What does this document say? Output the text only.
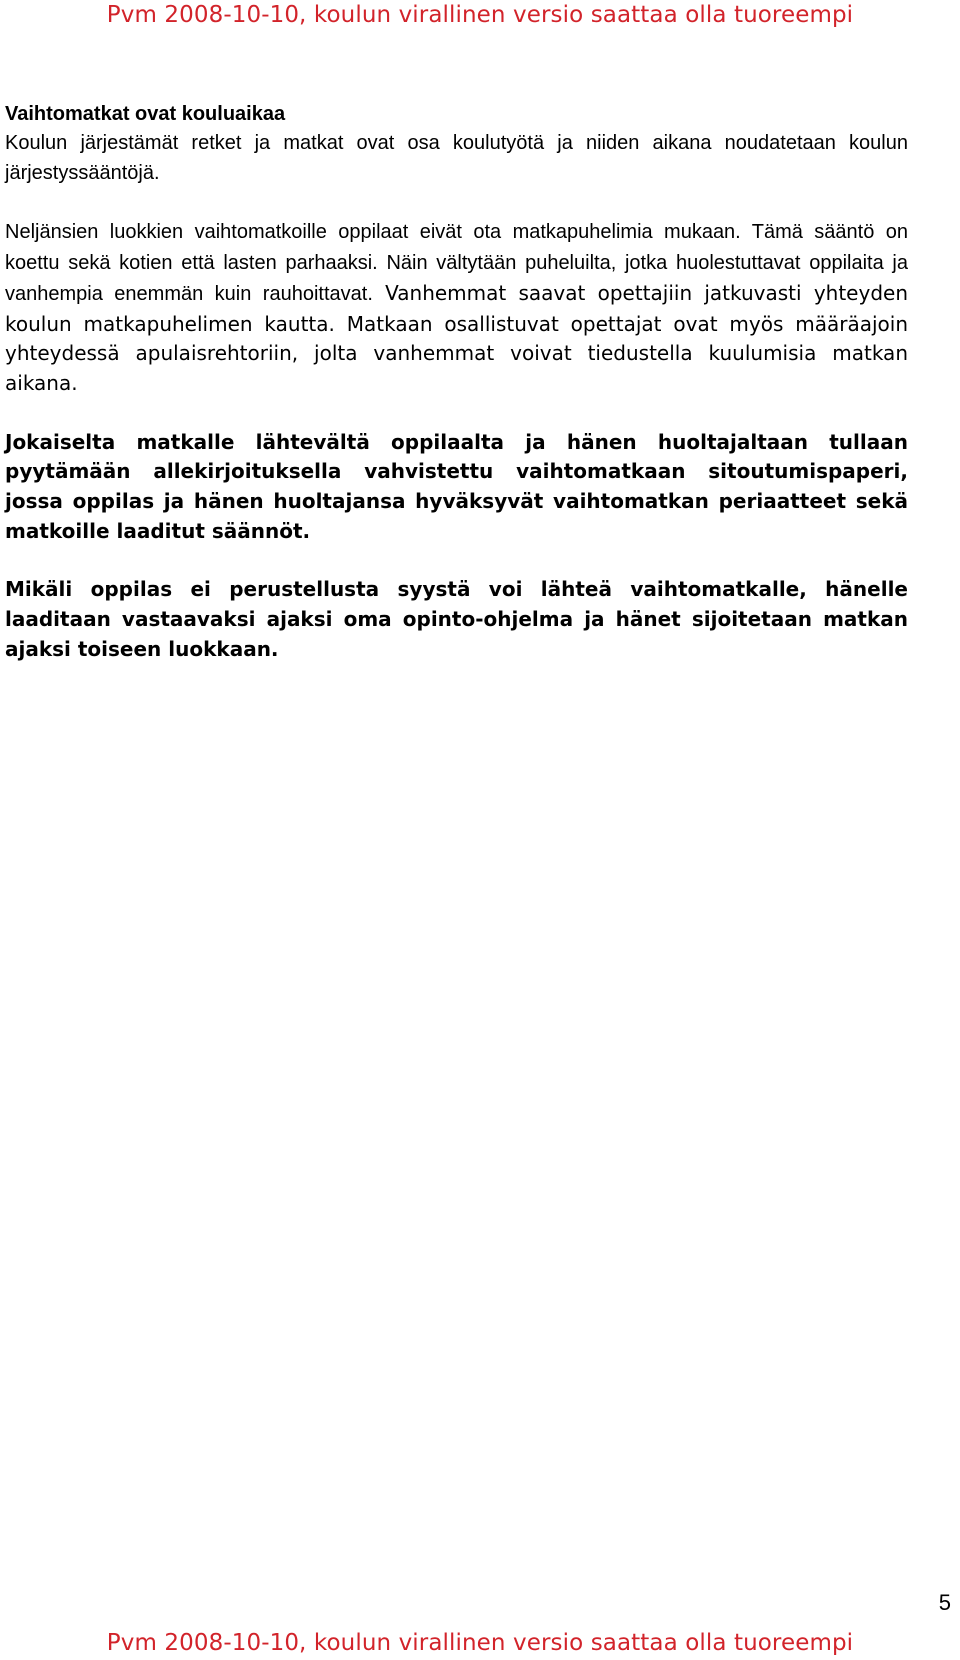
Pvm 2008-10-10, koulun virallinen versio saattaa olla tuoreempi

Vaihtomatkat ovat kouluaikaa

Koulun järjestämät retket ja matkat ovat osa koulutyötä ja niiden aikana noudatetaan koulun järjestyssääntöjä.

Neljänsien luokkien vaihtomatkoille oppilaat eivät ota matkapuhelimia mukaan. Tämä sääntö on koettu sekä kotien että lasten parhaaksi. Näin vältytään puheluilta, jotka huolestuttavat oppilaita ja vanhempia enemmän kuin rauhoittavat. Vanhemmat saavat opettajiin jatkuvasti yhteyden koulun matkapuhelimen kautta. Matkaan osallistuvat opettajat ovat myös määräajoin yhteydessä apulaisrehtoriin, jolta vanhemmat voivat tiedustella kuulumisia matkan aikana.

Jokaiselta matkalle lähtevältä oppilaalta ja hänen huoltajaltaan tullaan pyytämään allekirjoituksella vahvistettu vaihtomatkaan sitoutumispaperi, jossa oppilas ja hänen huoltajansa hyväksyvät vaihtomatkan periaatteet sekä matkoille laaditut säännöt.

Mikäli oppilas ei perustellusta syystä voi lähteä vaihtomatkalle, hänelle laaditaan vastaavaksi ajaksi oma opinto-ohjelma ja hänet sijoitetaan matkan ajaksi toiseen luokkaan.

5
Pvm 2008-10-10, koulun virallinen versio saattaa olla tuoreempi
